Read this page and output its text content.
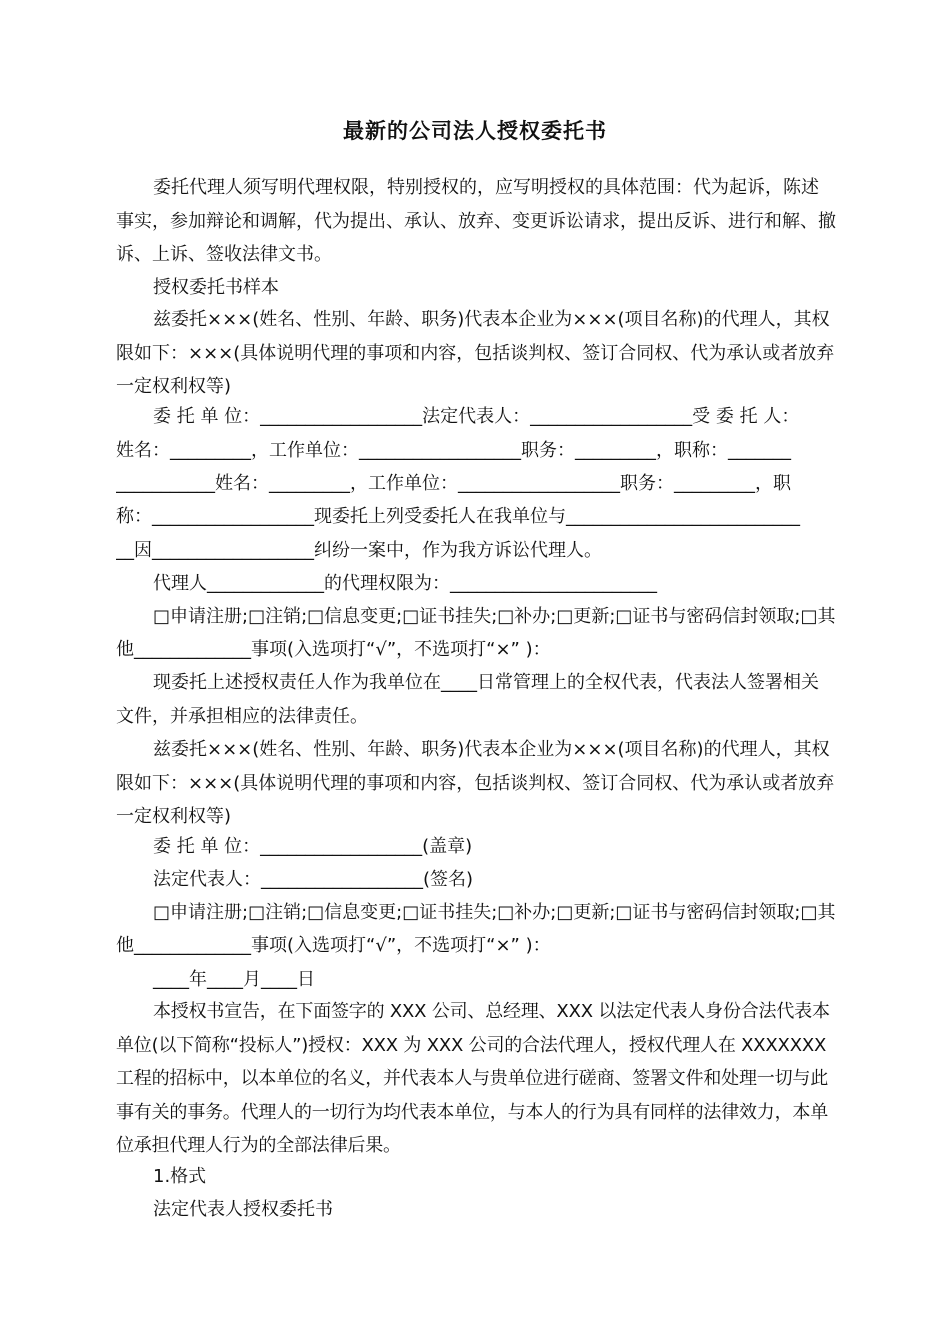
最新的公司法人授权委托书

委托代理人须写明代理权限，特别授权的，应写明授权的具体范围：代为起诉，陈述事实，参加辩论和调解，代为提出、承认、放弃、变更诉讼请求，提出反诉、进行和解、撤诉、上诉、签收法律文书。

授权委托书样本

兹委托×××(姓名、性别、年龄、职务)代表本企业为×××(项目名称)的代理人，其权限如下：×××(具体说明代理的事项和内容，包括谈判权、签订合同权、代为承认或者放弃一定权利权等)

委 托 单 位：__________________法定代表人：__________________受 委 托 人：

姓名：_________，工作单位：__________________职务：_________，职称：_______

___________姓名：_________，工作单位：__________________职务：_________，职

称：__________________现委托上列受委托人在我单位与__________________________

__因__________________纠纷一案中，作为我方诉讼代理人。

代理人_____________的代理权限为：_______________________

□申请注册;□注销;□信息变更;□证书挂失;□补办;□更新;□证书与密码信封领取;□其

他_____________事项(入选项打“√”，不选项打“×” )：

现委托上述授权责任人作为我单位在____日常管理上的全权代表，代表法人签署相关文件，并承担相应的法律责任。

兹委托×××(姓名、性别、年龄、职务)代表本企业为×××(项目名称)的代理人，其权限如下：×××(具体说明代理的事项和内容，包括谈判权、签订合同权、代为承认或者放弃一定权利权等)

委 托 单 位：__________________(盖章)

法定代表人：__________________(签名)

□申请注册;□注销;□信息变更;□证书挂失;□补办;□更新;□证书与密码信封领取;□其

他_____________事项(入选项打“√”，不选项打“×” )：

____年____月____日

本授权书宣告，在下面签字的 XXX 公司、总经理、XXX 以法定代表人身份合法代表本单位(以下简称“投标人”)授权：XXX 为 XXX 公司的合法代理人，授权代理人在 XXXXXXX 工程的招标中，以本单位的名义，并代表本人与贵单位进行磋商、签署文件和处理一切与此事有关的事务。代理人的一切行为均代表本单位，与本人的行为具有同样的法律效力，本单位承担代理人行为的全部法律后果。

1.格式

法定代表人授权委托书
